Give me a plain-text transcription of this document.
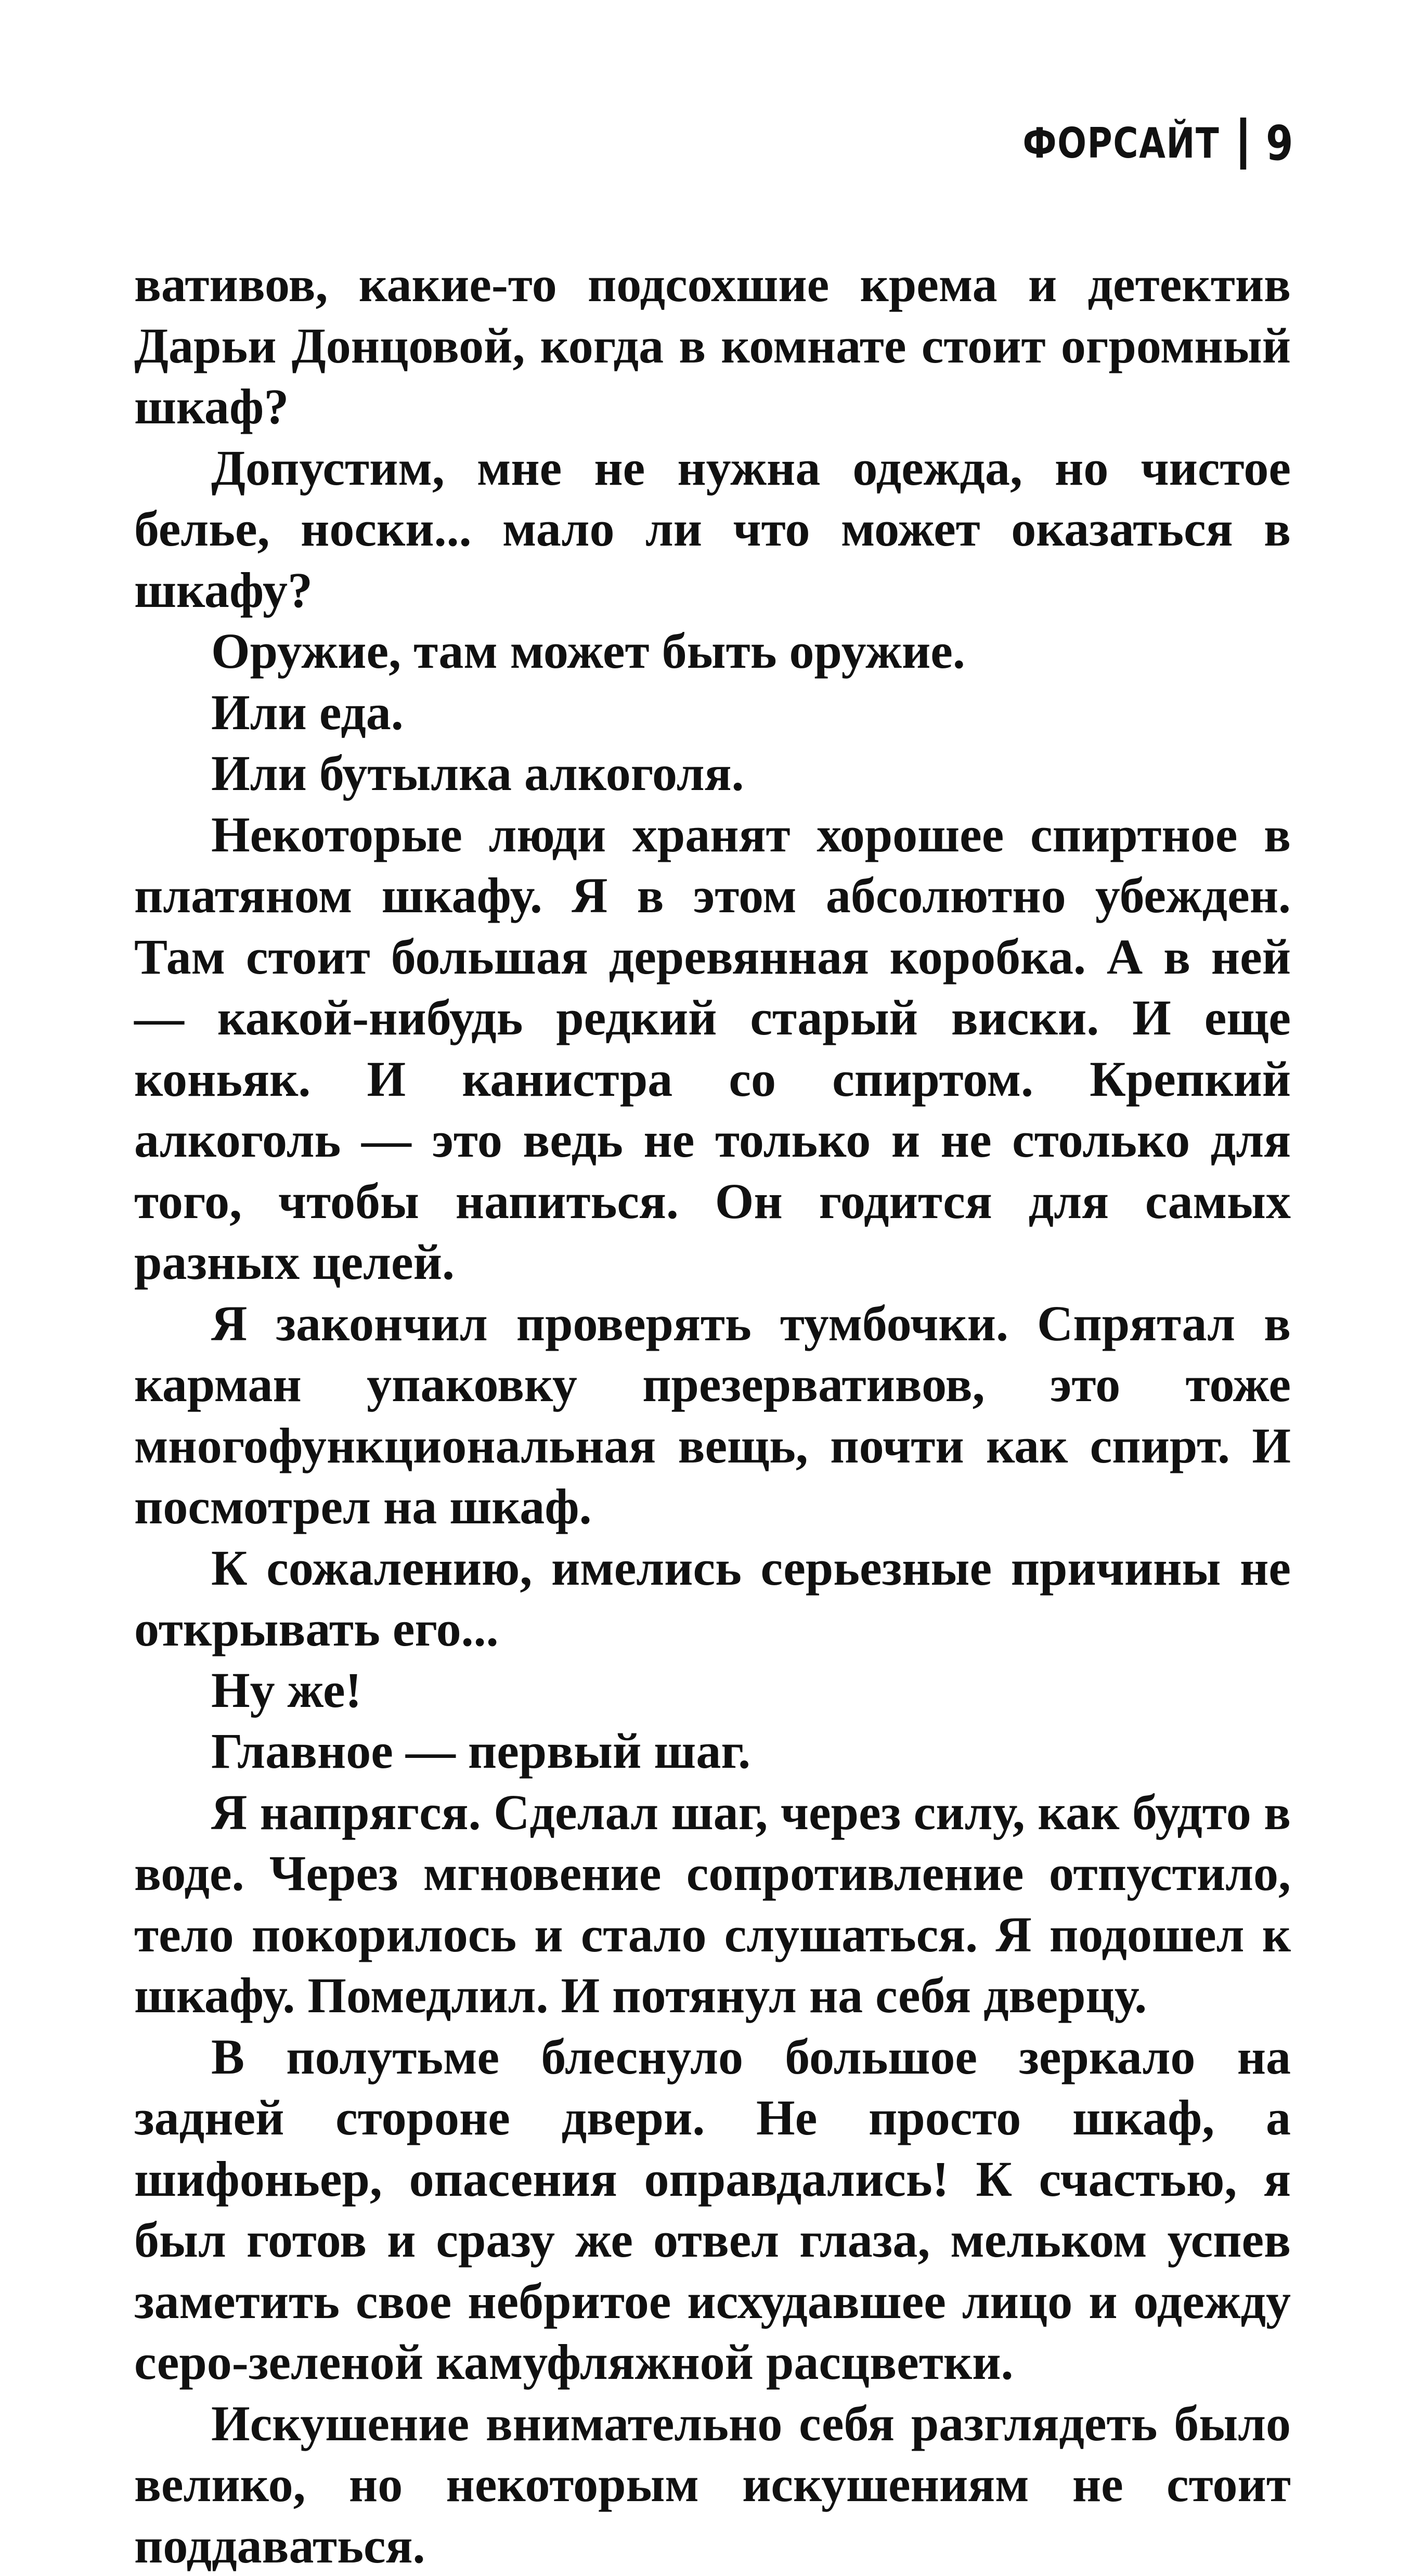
ФОРСАЙТ 9

вативов, какие-то подсохшие крема и детектив Дарьи Донцовой, когда в комнате стоит огромный шкаф?

Допустим, мне не нужна одежда, но чистое белье, носки... мало ли что может оказаться в шкафу?

Оружие, там может быть оружие.

Или еда.

Или бутылка алкоголя.

Некоторые люди хранят хорошее спиртное в платяном шкафу. Я в этом абсолютно убежден. Там стоит большая деревянная коробка. А в ней — какой-нибудь редкий старый виски. И еще коньяк. И канистра со спиртом. Крепкий алкоголь — это ведь не только и не столько для того, чтобы напиться. Он годится для самых разных целей.

Я закончил проверять тумбочки. Спрятал в карман упаковку презервативов, это тоже многофункциональная вещь, почти как спирт. И посмотрел на шкаф.

К сожалению, имелись серьезные причины не открывать его...

Ну же!

Главное — первый шаг.

Я напрягся. Сделал шаг, через силу, как будто в воде. Через мгновение сопротивление отпустило, тело покорилось и стало слушаться. Я подошел к шкафу. Помедлил. И потянул на себя дверцу.

В полутьме блеснуло большое зеркало на задней стороне двери. Не просто шкаф, а шифоньер, опасения оправдались! К счастью, я был готов и сразу же отвел глаза, мельком успев заметить свое небритое исхудавшее лицо и одежду серо-зеленой камуфляжной расцветки.

Искушение внимательно себя разглядеть было велико, но некоторым искушениям не стоит поддаваться.
